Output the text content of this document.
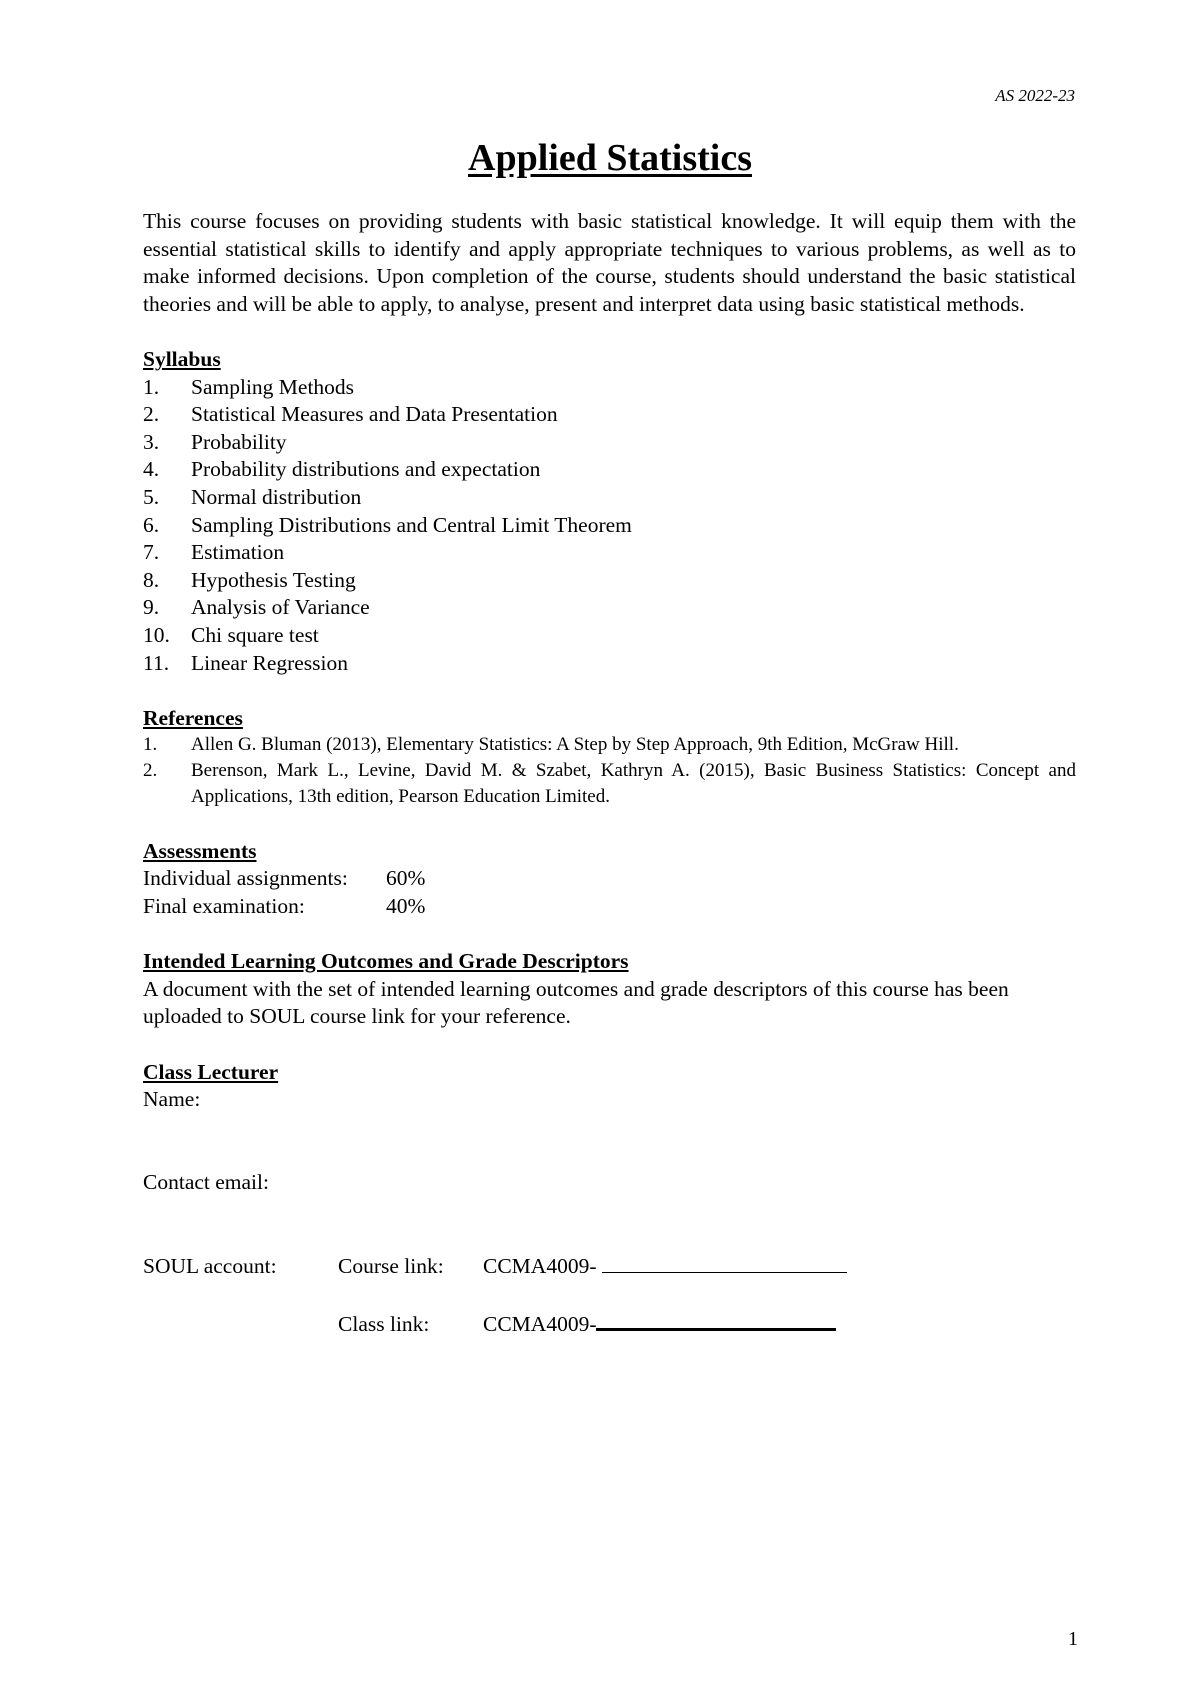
AS 2022-23
Applied Statistics

This course focuses on providing students with basic statistical knowledge. It will equip them with the essential statistical skills to identify and apply appropriate techniques to various problems, as well as to make informed decisions. Upon completion of the course, students should understand the basic statistical theories and will be able to apply, to analyse, present and interpret data using basic statistical methods.

Syllabus

1.	Sampling Methods
2.	Statistical Measures and Data Presentation
3.	Probability
4.	Probability distributions and expectation
5.	Normal distribution
6.	Sampling Distributions and Central Limit Theorem
7.	Estimation
8.	Hypothesis Testing
9.	Analysis of Variance
10. Chi square test
11.	Linear Regression

References

1.	Allen G. Bluman (2013), Elementary Statistics: A Step by Step Approach, 9th Edition, McGraw Hill.
2.	Berenson, Mark L., Levine, David M. & Szabet, Kathryn A. (2015), Basic Business Statistics: Concept and Applications, 13th edition, Pearson Education Limited.

Assessments

Individual assignments:	60%
Final examination:	40%

Intended Learning Outcomes and Grade Descriptors

A document with the set of intended learning outcomes and grade descriptors of this course has been uploaded to SOUL course link for your reference.

Class Lecturer

Name:

Contact email:

SOUL account:	Course link:	CCMA4009-
Class link:	CCMA4009-
1
